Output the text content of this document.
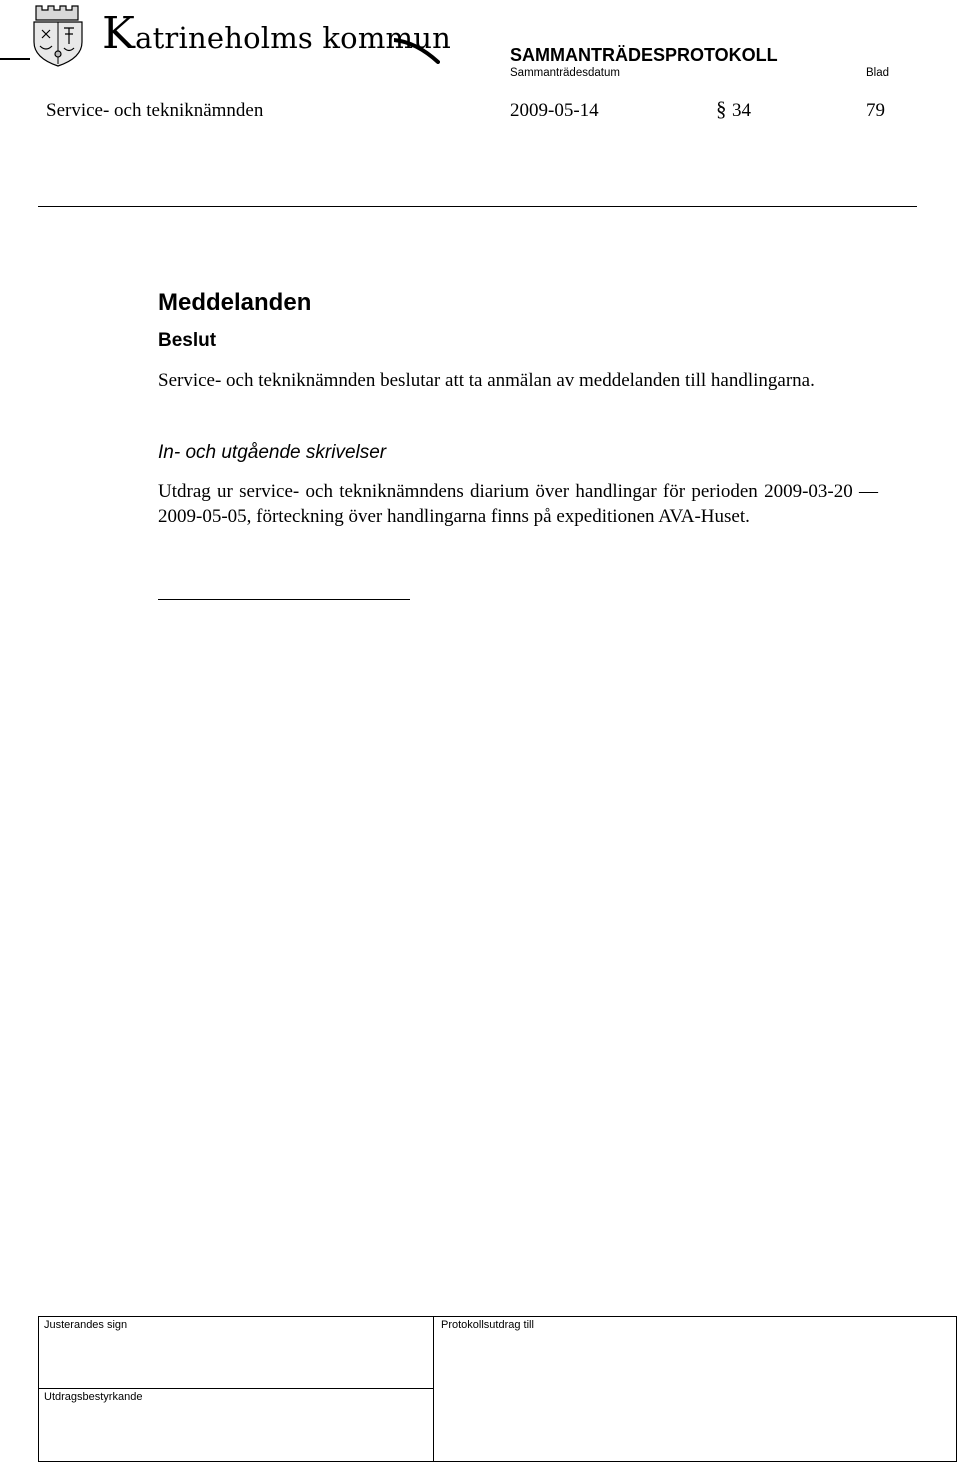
Katrineholms kommun	SAMMANTRÄDESPROTOKOLL
Sammanträdesdatum	Blad
Service- och tekniknämnden	2009-05-14	§ 34	79
Meddelanden
Beslut
Service- och tekniknämnden beslutar att ta anmälan av meddelanden till handlingarna.
In- och utgående skrivelser
Utdrag ur service- och tekniknämndens diarium över handlingar för perioden 2009-03-20 — 2009-05-05, förteckning över handlingarna finns på expeditionen AVA-Huset.
Justerandes sign	Protokollsutdrag till
Utdragsbestyrkande
